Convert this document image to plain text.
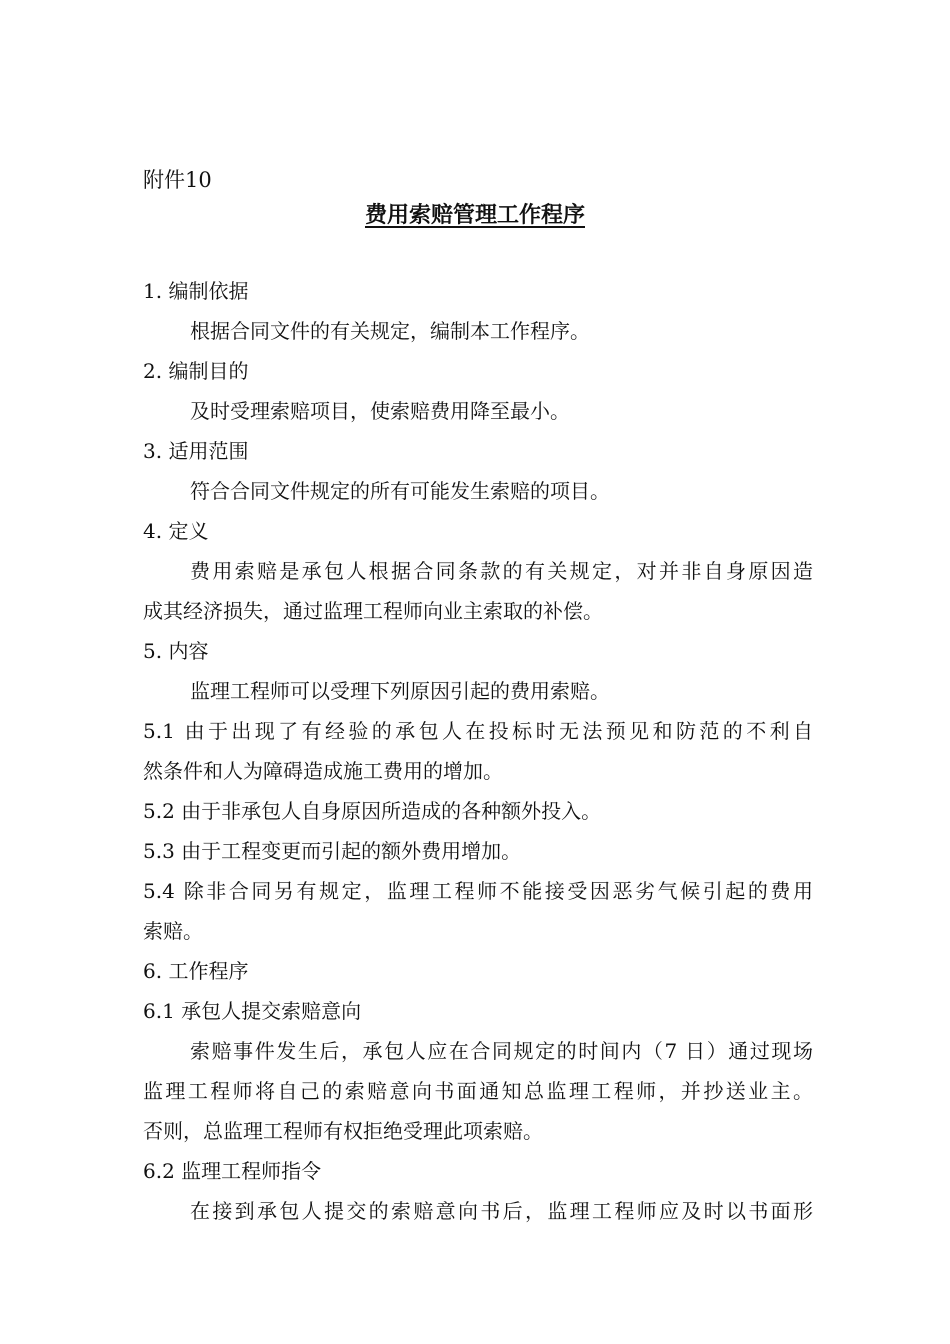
附件10
费用索赔管理工作程序
1. 编制依据
根据合同文件的有关规定，编制本工作程序。
2. 编制目的
及时受理索赔项目，使索赔费用降至最小。
3. 适用范围
符合合同文件规定的所有可能发生索赔的项目。
4. 定义
费用索赔是承包人根据合同条款的有关规定，对并非自身原因造
成其经济损失，通过监理工程师向业主索取的补偿。
5. 内容
监理工程师可以受理下列原因引起的费用索赔。
5.1 由于出现了有经验的承包人在投标时无法预见和防范的不利自
然条件和人为障碍造成施工费用的增加。
5.2 由于非承包人自身原因所造成的各种额外投入。
5.3 由于工程变更而引起的额外费用增加。
5.4 除非合同另有规定，监理工程师不能接受因恶劣气候引起的费用
索赔。
6. 工作程序
6.1 承包人提交索赔意向
索赔事件发生后，承包人应在合同规定的时间内（7 日）通过现场
监理工程师将自己的索赔意向书面通知总监理工程师，并抄送业主。
否则，总监理工程师有权拒绝受理此项索赔。
6.2 监理工程师指令
在接到承包人提交的索赔意向书后，监理工程师应及时以书面形
